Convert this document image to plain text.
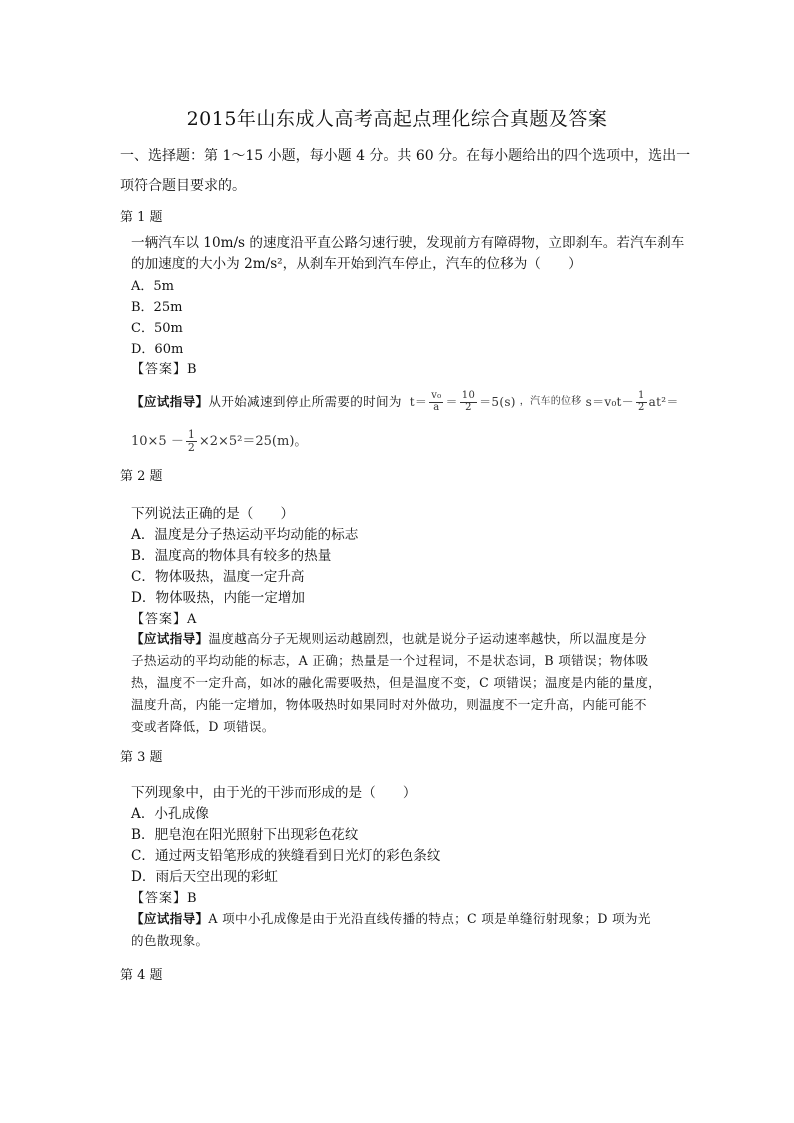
2015年山东成人高考高起点理化综合真题及答案
一、选择题：第 1～15 小题，每小题 4 分。共 60 分。在每小题给出的四个选项中，选出一
项符合题目要求的。
第 1 题
一辆汽车以 10m/s 的速度沿平直公路匀速行驶，发现前方有障碍物，立即刹车。若汽车刹车
的加速度的大小为 2m/s²，从刹车开始到汽车停止，汽车的位移为（　　）
A．5m
B．25m
C．50m
D．60m
【答案】B
【应试指导】 从开始减速到停止所需要的时间为 $t= \frac{\text{v₀}}{a} = \frac{10}{2} =5(s)$ ，汽车的位移 $s=v_0t- \frac{1}{2} at^2=$
$10\times 5 - \frac{1}{2} \times 2\times 5^2=25(m)$。
第 2 题
下列说法正确的是（　　）
A．温度是分子热运动平均动能的标志
B．温度高的物体具有较多的热量
C．物体吸热，温度一定升高
D．物体吸热，内能一定增加
【答案】A
【应试指导】温度越高分子无规则运动越剧烈，也就是说分子运动速率越快，所以温度是分
子热运动的平均动能的标志，A 正确；热量是一个过程词，不是状态词，B 项错误；物体吸
热，温度不一定升高，如冰的融化需要吸热，但是温度不变，C 项错误；温度是内能的量度，
温度升高，内能一定增加，物体吸热时如果同时对外做功，则温度不一定升高，内能可能不
变或者降低，D 项错误。
第 3 题
下列现象中，由于光的干涉而形成的是（　　）
A．小孔成像
B．肥皂泡在阳光照射下出现彩色花纹
C．通过两支铅笔形成的狭缝看到日光灯的彩色条纹
D．雨后天空出现的彩虹
【答案】B
【应试指导】A 项中小孔成像是由于光沿直线传播的特点；C 项是单缝衍射现象；D 项为光
的色散现象。
第 4 题
